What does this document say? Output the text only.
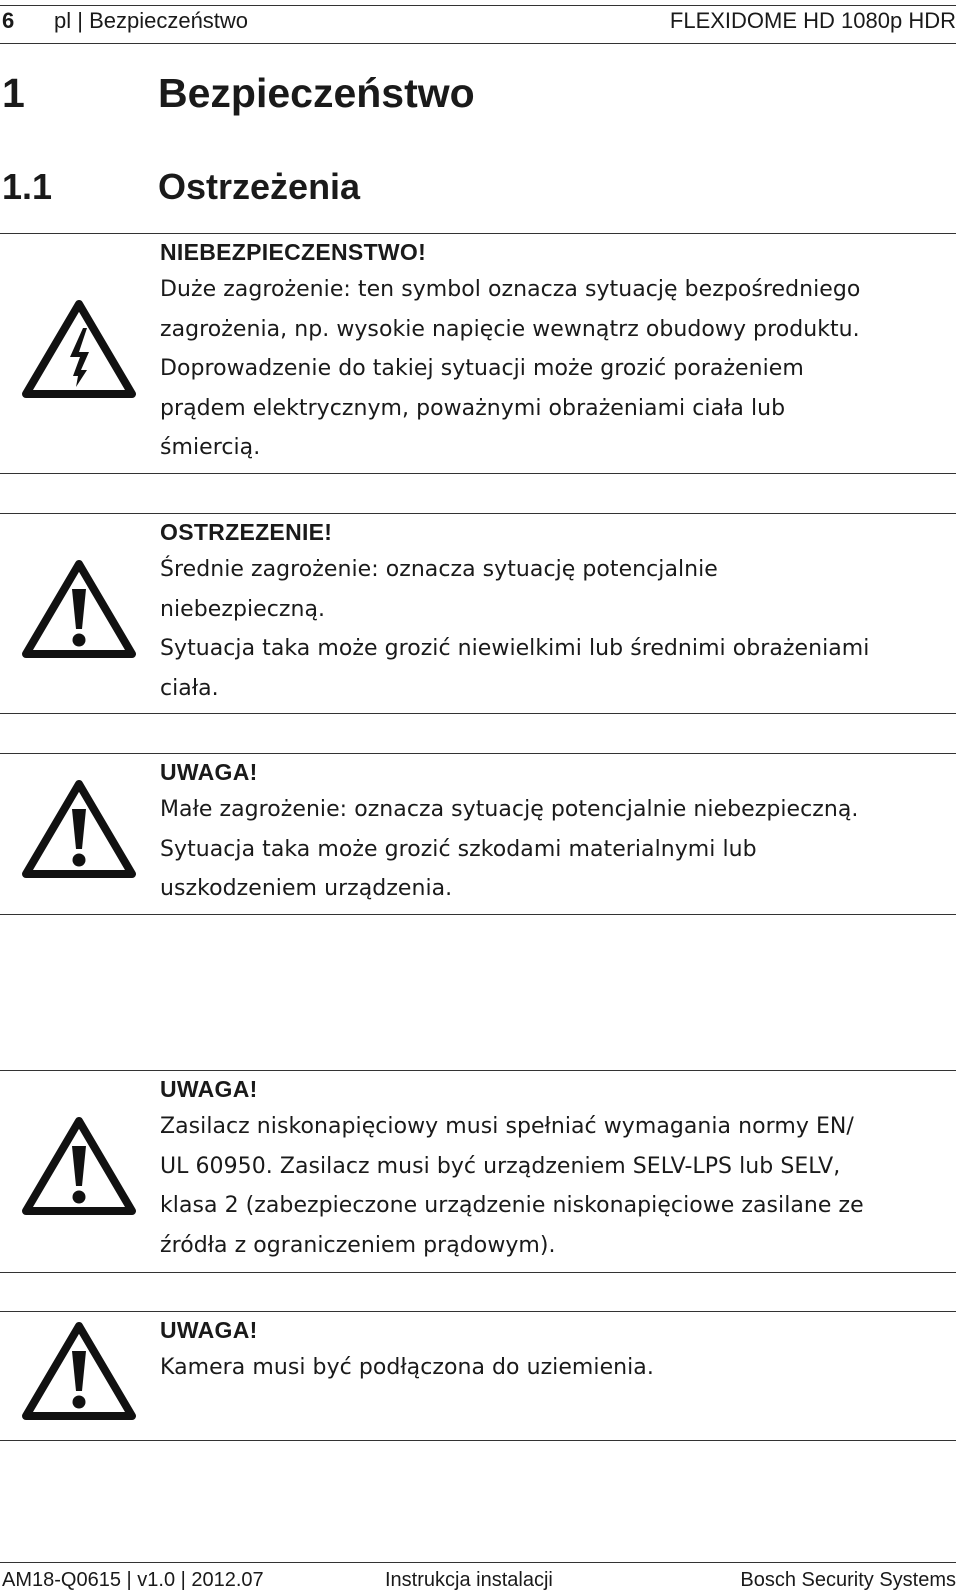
6 pl | Bezpieczeństwo	FLEXIDOME HD 1080p HDR
1	Bezpieczeństwo
1.1	Ostrzeżenia

NIEBEZPIECZENSTWO!

Duże zagrożenie: ten symbol oznacza sytuację bezpośredniego

zagrożenia, np. wysokie napięcie wewnątrz obudowy produktu.

Doprowadzenie do takiej sytuacji może grozić porażeniem

prądem elektrycznym, poważnymi obrażeniami ciała lub

śmiercią.

OSTRZEZENIE!

Średnie zagrożenie: oznacza sytuację potencjalnie

niebezpieczną.

Sytuacja taka może grozić niewielkimi lub średnimi obrażeniami

ciała.

UWAGA!

Małe zagrożenie: oznacza sytuację potencjalnie niebezpieczną.

Sytuacja taka może grozić szkodami materialnymi lub

uszkodzeniem urządzenia.

UWAGA!

Zasilacz niskonapięciowy musi spełniać wymagania normy EN/

UL 60950. Zasilacz musi być urządzeniem SELV-LPS lub SELV,

klasa 2 (zabezpieczone urządzenie niskonapięciowe zasilane ze

źródła z ograniczeniem prądowym).

UWAGA!

Kamera musi być podłączona do uziemienia.

AM18-Q0615 | v1.0 | 2012.07	Instrukcja instalacji	Bosch Security Systems
